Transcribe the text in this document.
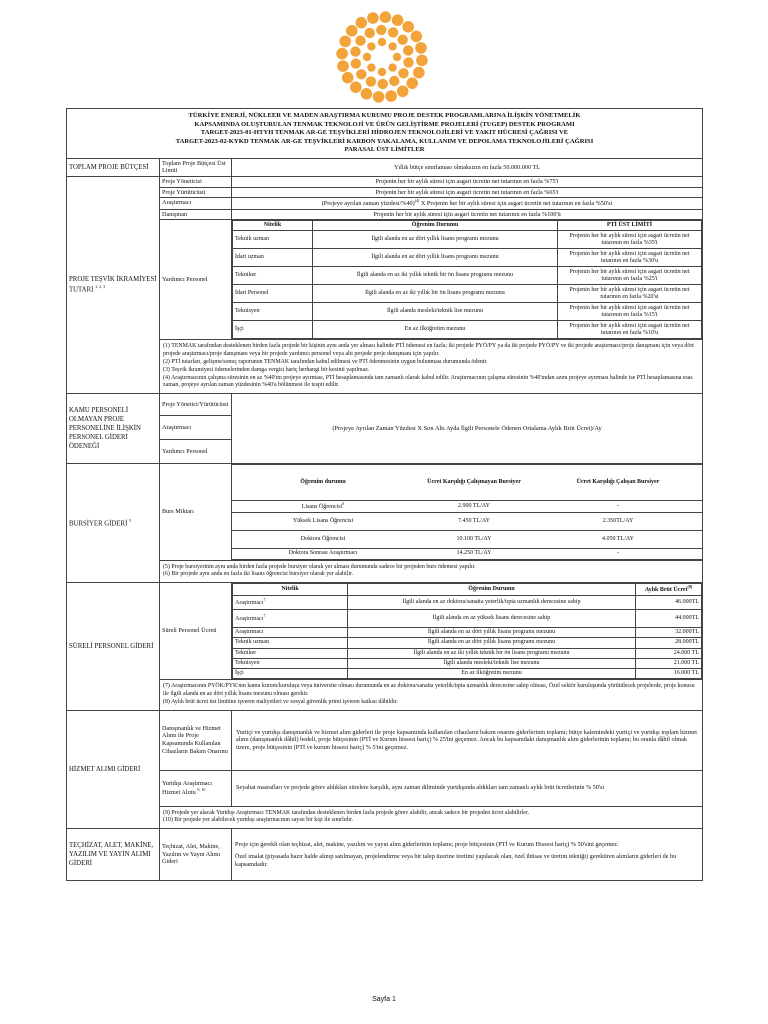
TÜRKİYE ENERJİ, NÜKLEER VE MADEN ARAŞTIRMA KURUMU PROJE DESTEK PROGRAMLARINA İLİŞKİN YÖNETMELİK
KAPSAMINDA OLUŞTURULAN TENMAK TEKNOLOJİ VE ÜRÜN GELİŞTİRME PROJELERİ (TUGEP) DESTEK PROGRAMI
TARGET-2023-01-HTYH TENMAK AR-GE TEŞVİKLERİ HİDROJEN TEKNOLOJİLERİ VE YAKIT HÜCRESİ ÇAĞRISI VE
TARGET-2023-02-KYKD TENMAK AR-GE TEŞVİKLERİ KARBON YAKALAMA, KULLANIM VE DEPOLAMA TEKNOLOJİLERİ ÇAĞRISI
PARASAL ÜST LİMİTLER

TOPLAM PROJE BÜTÇESİ	Toplam Proje Bütçesi Üst Limiti	Yıllık bütçe sınırlaması olmaksızın en fazla 50.000.000 TL
PROJE TEŞVİK İKRAMİYESİ TUTARI $^{1, 2, 3}$	Proje Yöneticisi	Projenin her bir aylık süresi için asgari ücretin net tutarının en fazla %75'i
Proje Yürütücüsü	Projenin her bir aylık süresi için asgari ücretin net tutarının en fazla %65'i
Araştırmacı	(Projeye ayrılan zaman yüzdesi/%40)$^{(4)}$ X Projenin her bir aylık süresi için asgari ücretin net tutarının en fazla %50'si
Danışman	Projenin her bir aylık süresi için asgari ücretin net tutarının en fazla %100'ü
Yardımcı Personel	
Nitelik	Öğrenim Durumu	PTİ ÜST LİMİTİ
Teknik uzman	İlgili alanda en az dört yıllık lisans programı mezunu	Projenin her bir aylık süresi için asgari ücretin net tutarının en fazla %35'i
İdari uzman	İlgili alanda en az dört yıllık lisans programı mezunu	Projenin her bir aylık süresi için asgari ücretin net tutarının en fazla %30'u
Tekniker	İlgili alanda en az iki yıllık teknik bir ön lisans programı mezunu	Projenin her bir aylık süresi için asgari ücretin net tutarının en fazla %25'i
İdari Personel	İlgili alanda en az iki yıllık bir ön lisans programı mezunu	Projenin her bir aylık süresi için asgari ücretin net tutarının en fazla %20'si
Teknisyen	İlgili alanda mesleki/teknik lise mezunu	Projenin her bir aylık süresi için asgari ücretin net tutarının en fazla %15'i
İşçi	En az ilköğretim mezunu	Projenin her bir aylık süresi için asgari ücretin net tutarının en fazla %10'u

(1) TENMAK tarafından desteklenen birden fazla projede bir kişinin aynı anda yer alması halinde PTİ ödemesi en fazla; iki projede PYÖ/PY ya da iki projede PYÖ/PY ve iki projede araştırmacı/proje danışmanı için veya dört projede araştırmacı/proje danışmanı veya bir projede yardımcı personel veya altı projede proje danışmanı için yapılır.
(2) PTİ tutarları, gelişme/sonuç raporunun TENMAK tarafından kabul edilmesi ve PTİ ödenmesinin uygun bulunması durumunda ödenir.
(3) Teşvik ikramiyesi ödemelerinden damga vergisi hariç herhangi bir kesinti yapılmaz.
(4) Araştırmacının çalışma süresinin en az %40'ını projeye ayırması, PTİ hesaplamasında tam zamanlı olarak kabul edilir. Araştırmacının çalışma süresinin %40'ından azını projeye ayırması halinde ise PTİ hesaplamasına esas zaman, projeye ayrılan zaman yüzdesinin %40'a bölünmesi ile tespit edilir.

KAMU PERSONELİ OLMAYAN PROJE PERSONELİNE İLİŞKİN PERSONEL GİDERİ ÖDENEĞİ	Proje Yönetici/Yürütücüsü	(Projeye Ayrılan Zaman Yüzdesi X Son Altı Ayda İlgili Personele Ödenen Ortalama Aylık Brüt Ücret)/Ay
Araştırmacı
Yardımcı Personel
BURSİYER GİDERİ $^5$	Burs Miktarı	
Öğrenim durumu	Ücret Karşılığı Çalışmayan Bursiyer	Ücret Karşılığı Çalışan Bursiyer
Lisans Öğrencisi$^6$	2.900 TL/AY	-
Yüksek Lisans Öğrencisi	7.450 TL/AY	2.350TL/AY
Doktora Öğrencisi	10.100 TL/AY	4.050 TL/AY
Doktora Sonrası Araştırmacı	14.250 TL/AY	-

(5) Proje bursiyerinin aynı anda birden fazla projede bursiyer olarak yer alması durumunda sadece bir projeden burs ödemesi yapılır.
(6) Bir projede aynı anda en fazla iki lisans öğrencisi bursiyer olarak yer alabilir.

SÜRELİ PERSONEL GİDERİ	Süreli Personel Ücreti	
Nitelik	Öğrenim Durumu	Aylık Brüt Ücret$^{(8)}$
Araştırmacı$^7$	İlgili alanda en az doktora/sanatta yeterlik/tıpta uzmanlık derecesine sahip	46.000TL
Araştırmacı$^7$	İlgili alanda en az yüksek lisans derecesine sahip	44.000TL
Araştırmacı	İlgili alanda en az dört yıllık lisans programı mezunu	32.000TL
Teknik uzman	İlgili alanda en az dört yıllık lisans programı mezunu	28.000TL
Tekniker	İlgili alanda en az iki yıllık teknik bir ön lisans programı mezunu	24.000 TL
Teknisyen	İlgili alanda mesleki/teknik lise mezunu	21.000 TL
İşçi	En az ilköğretim mezunu	16.000 TL

(7) Araştırmacının PYÖK/PYK'nın kamu kurum/kuruluşu veya üniversite olması durumunda en az doktora/sanatta yeterlik/tıpta uzmanlık derecesine sahip olması, Özel sektör kuruluşunda yürütülecek projelerde, proje konusu ile ilgili alanda en az dört yıllık lisans mezunu olması gerekir.
(8) Aylık brüt ücret üst limitine işveren maliyetleri ve sosyal güvenlik primi işveren katkısı dâhildir.

HİZMET ALIMI GİDERİ	Danışmanlık ve Hizmet Alımı ile Proje Kapsamında Kullanılan Cihazların Bakım Onarımı	Yurtiçi ve yurtdışı danışmanlık ve hizmet alım giderleri ile proje kapsamında kullanılan cihazların bakım onarım giderlerinin toplamı; bütçe kalemindeki yurtiçi ve yurtdışı toplam hizmet alımı (danışmanlık dâhil) bedeli, proje bütçesinin (PTİ ve Kurum hissesi hariç) % 25'ini geçemez. Ancak bu kapsamdaki danışmanlık alım giderlerinin toplamı; bu oranla dâhil olmak üzere, proje bütçesinin (PTİ ve kurum hissesi hariç) % 5'ini geçemez.
Yurtdışı Araştırmacı Hizmet Alımı $^{9, 10}$	Seyahat masrafları ve projede görev aldıkları sürelere karşılık, aynı zaman diliminde yurtdışında aldıkları tam zamanlı aylık brüt ücretlerinin % 50'si

(9) Projede yer alacak Yurtdışı Araştırmacı TENMAK tarafından desteklenen birden fazla projede görev alabilir, ancak sadece bir projeden ücret alabilirler.
(10) Bir projede yer alabilecek yurtdışı araştırmacının sayısı bir kişi ile sınırlıdır.

TEÇHİZAT, ALET, MAKİNE, YAZILIM VE YAYIN ALIMI GİDERİ	Teçhizat, Alet, Makine, Yazılım ve Yayın Alımı Gideri	
Proje için gerekli olan teçhizat, alet, makine, yazılım ve yayın alım giderlerinin toplamı; proje bütçesinin (PTİ ve Kurum Hissesi hariç) % 50'sini geçemez.
Özel imalat (piyasada hazır halde alınıp satılmayan, projelendirme veya bir talep üzerine üretimi yapılacak olan, özel ihtisas ve üretim tekniği) gerektiren alımların giderleri de bu kapsamdadır.
Sayfa 1
